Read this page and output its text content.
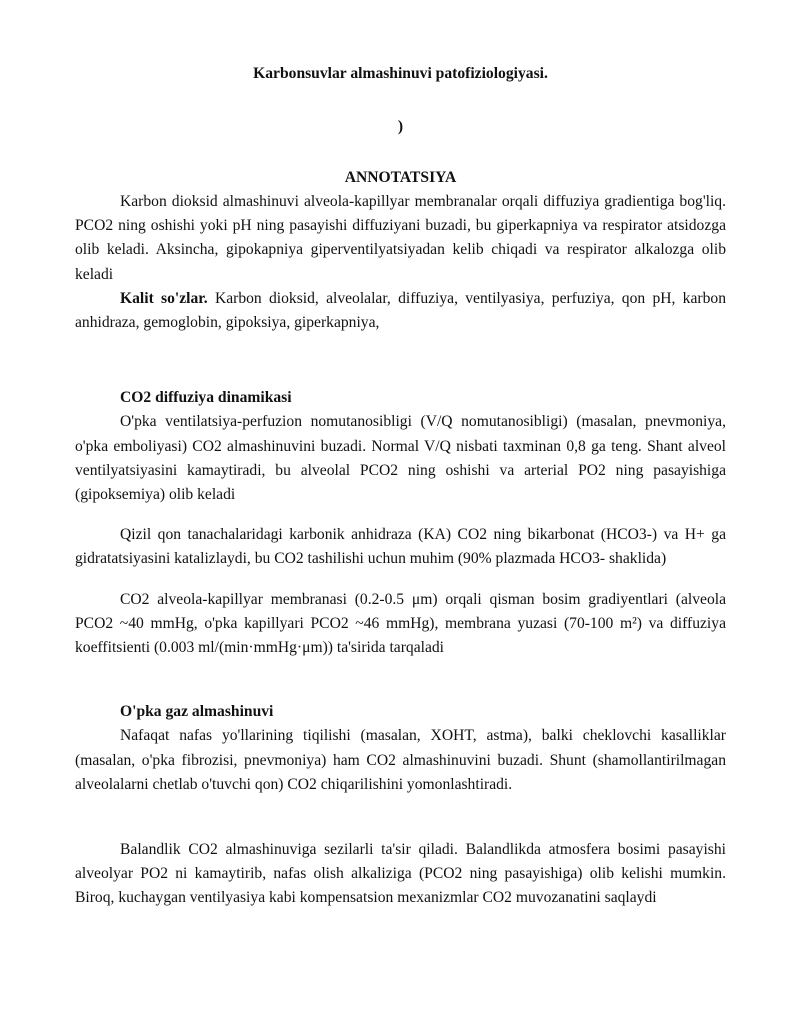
Karbonsuvlar almashinuvi patofiziologiyasi.
)
ANNOTATSIYA

Karbon dioksid almashinuvi alveola-kapillyar membranalar orqali diffuziya gradientiga bog'liq. PCO2 ning oshishi yoki pH ning pasayishi diffuziyani buzadi, bu giperkapniya va respirator atsidozga olib keladi. Aksincha, gipokapniya giperventilyatsiyadan kelib chiqadi va respirator alkalozga olib keladi

Kalit so'zlar. Karbon dioksid, alveolalar, diffuziya, ventilyasiya, perfuziya, qon pH, karbon anhidraza, gemoglobin, gipoksiya, giperkapniya,

CO2 diffuziya dinamikasi

O'pka ventilatsiya-perfuzion nomutanosibligi (V/Q nomutanosibligi) (masalan, pnevmoniya, o'pka emboliyasi) CO2 almashinuvini buzadi. Normal V/Q nisbati taxminan 0,8 ga teng. Shant alveol ventilyatsiyasini kamaytiradi, bu alveolal PCO2 ning oshishi va arterial PO2 ning pasayishiga (gipoksemiya) olib keladi

Qizil qon tanachalaridagi karbonik anhidraza (KA) CO2 ning bikarbonat (HCO3-) va H+ ga gidratatsiyasini katalizlaydi, bu CO2 tashilishi uchun muhim (90% plazmada HCO3- shaklida)

CO2 alveola-kapillyar membranasi (0.2-0.5 μm) orqali qisman bosim gradiyentlari (alveola PCO2 ~40 mmHg, o'pka kapillyari PCO2 ~46 mmHg), membrana yuzasi (70-100 m²) va diffuziya koeffitsienti (0.003 ml/(min·mmHg·μm)) ta'sirida tarqaladi

O'pka gaz almashinuvi

Nafaqat nafas yo'llarining tiqilishi (masalan, XOHT, astma), balki cheklovchi kasalliklar (masalan, o'pka fibrozisi, pnevmoniya) ham CO2 almashinuvini buzadi. Shunt (shamollantirilmagan alveolalarni chetlab o'tuvchi qon) CO2 chiqarilishini yomonlashtiradi.

Balandlik CO2 almashinuviga sezilarli ta'sir qiladi. Balandlikda atmosfera bosimi pasayishi alveolyar PO2 ni kamaytirib, nafas olish alkaliziga (PCO2 ning pasayishiga) olib kelishi mumkin. Biroq, kuchaygan ventilyasiya kabi kompensatsion mexanizmlar CO2 muvozanatini saqlaydi
